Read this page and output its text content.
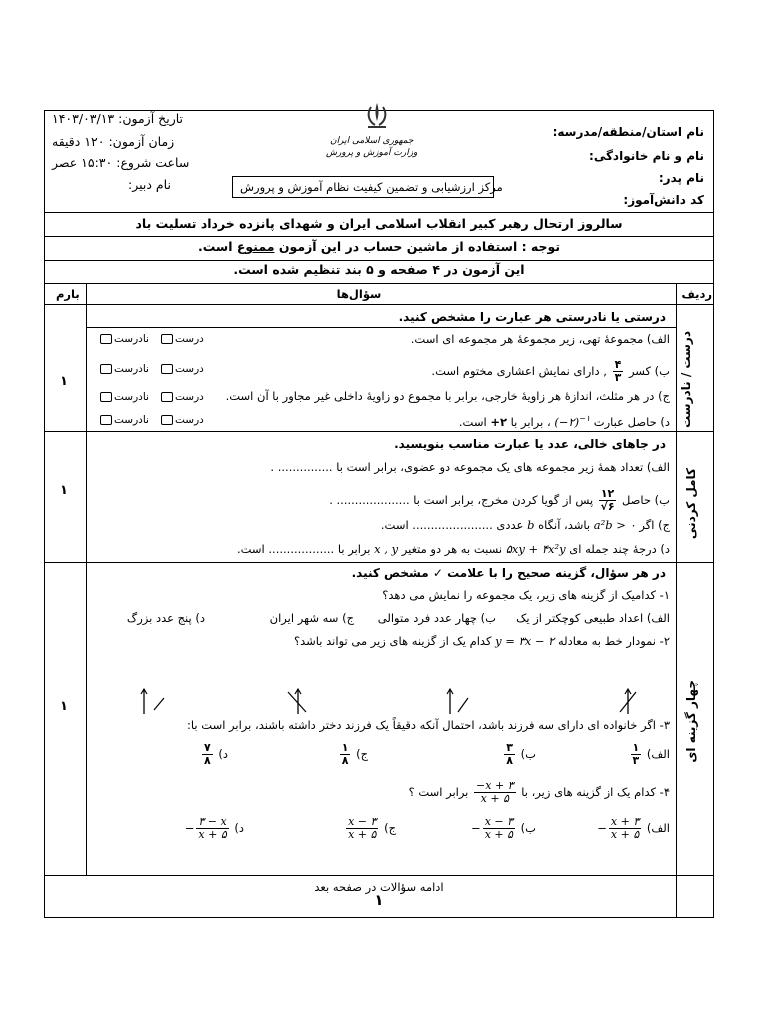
نام استان/منطقه/مدرسه:
نام و نام خانوادگی:
نام پدر:
کد دانش‌آموز:
جمهوری اسلامی ایران
وزارت آموزش و پرورش
مرکز ارزشیابی و تضمین کیفیت نظام آموزش و پرورش
تاریخ آزمون: ۱۴۰۳/۰۳/۱۳
زمان آزمون: ۱۲۰ دقیقه
ساعت شروع: ۱۵:۳۰ عصر
نام دبیر:
سالروز ارتحال رهبر کبیر انقلاب اسلامی ایران و شهدای پانزده خرداد تسلیت باد
توجه : استفاده از ماشین حساب در این آزمون ممنوع است.
این آزمون در ۴ صفحه و ۵ بند تنظیم شده است.
ردیف
سؤال‌ها
بارم
درستی یا نادرستی هر عبارت را مشخص کنید.
درست / نادرست
۱
الف) مجموعهٔ تهی، زیر مجموعهٔ هر مجموعه ای است.
ب) کسر
$\frac{۴}{۳}$
, دارای نمایش اعشاری مختوم است.
ج) در هر مثلث، اندازهٔ هر زاویهٔ خارجی، برابر با مجموع دو زاویهٔ داخلی غیر مجاور با آن است.
د) حاصل عبارت (−۲)$^{-۱}$ ، برابر با ۲+ است.
درست   نادرست
درست   نادرست
درست   نادرست
درست   نادرست
در جاهای خالی، عدد یا عبارت مناسب بنویسید.
کامل کردنی
۱
الف) تعداد همهٔ زیر مجموعه های یک مجموعه دو عضوی، برابر است با ............... .
ب) حاصل
$\frac{۱۲}{√۶}$
پس از گویا کردن مخرج، برابر است با .................... .
ج) اگر a²b > ۰ باشد، آنگاه b عددی ...................... است.
د) درجهٔ چند جمله ای ۵xy + ۴x²y نسبت به هر دو متغیر x , y برابر با .................. است.
در هر سؤال، گزینه صحیح را با علامت ✓ مشخص کنید.
چهار گزینه ای
۱
۱- کدامیک از گزینه های زیر، یک مجموعه را نمایش می دهد؟
الف) اعداد طبیعی کوچکتر از یک
ب) چهار عدد فرد متوالی
ج) سه شهر ایران
د) پنج عدد بزرگ
۲- نمودار خط به معادله y = ۳x − ۲ کدام یک از گزینه های زیر می تواند باشد؟
۳- اگر خانواده ای دارای سه فرزند باشد، احتمال آنکه دقیقاً یک فرزند دختر داشته باشند، برابر است با:
الف)
$\frac{۱}{۳}$
ب)
$\frac{۳}{۸}$
ج)
$\frac{۱}{۸}$
د)
$\frac{۷}{۸}$
۴- کدام یک از گزینه های زیر، با
$\frac{-x + ۳}{x + ۵}$
برابر است ؟
الف)
$\frac{x + ۳}{x + ۵}$
−
ب)
$\frac{x - ۳}{x + ۵}$
−
ج)
$\frac{x - ۳}{x + ۵}$
د)
$\frac{۳ - x}{x + ۵}$
−
ادامه سؤالات در صفحه بعد
۱
